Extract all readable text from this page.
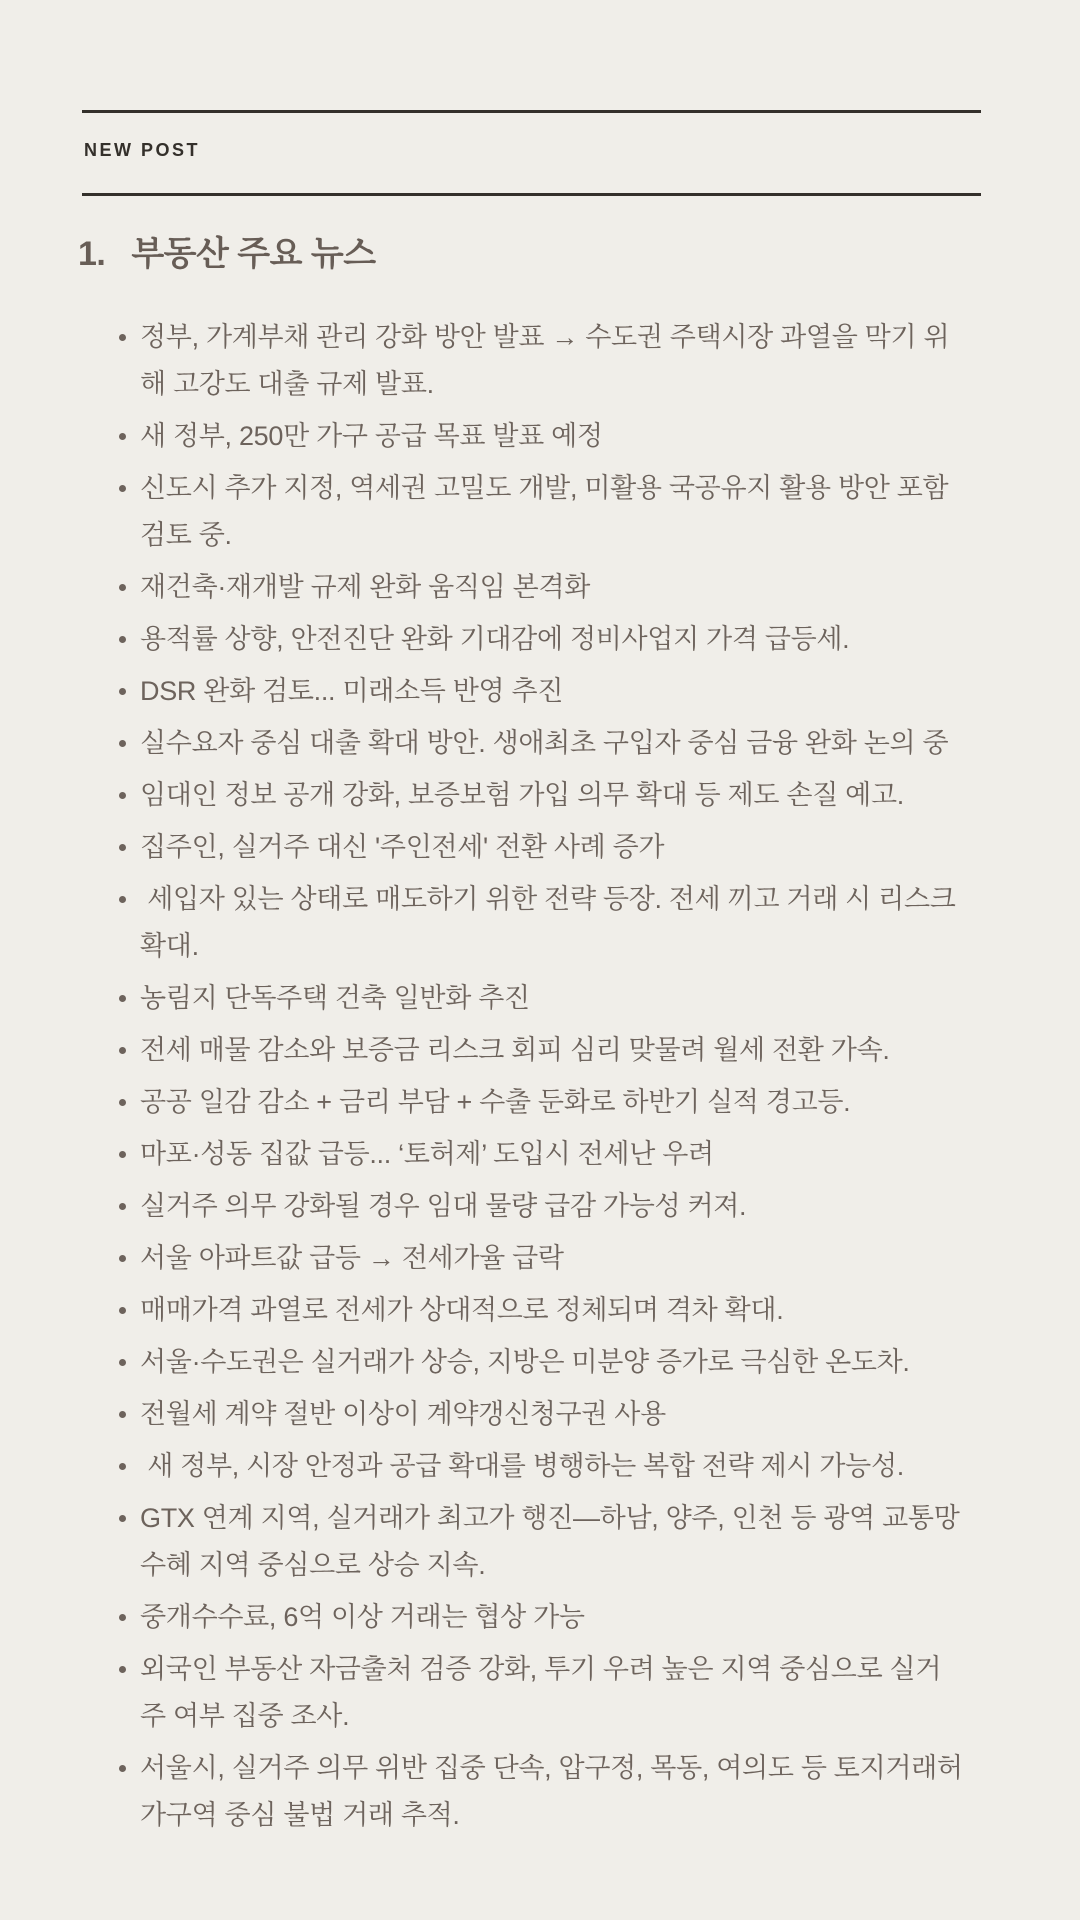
NEW POST
1. 부동산 주요 뉴스
정부, 가계부채 관리 강화 방안 발표 → 수도권 주택시장 과열을 막기 위해 고강도 대출 규제 발표.
새 정부, 250만 가구 공급 목표 발표 예정
신도시 추가 지정, 역세권 고밀도 개발, 미활용 국공유지 활용 방안 포함 검토 중.
재건축·재개발 규제 완화 움직임 본격화
용적률 상향, 안전진단 완화 기대감에 정비사업지 가격 급등세.
DSR 완화 검토... 미래소득 반영 추진
실수요자 중심 대출 확대 방안. 생애최초 구입자 중심 금융 완화 논의 중
임대인 정보 공개 강화, 보증보험 가입 의무 확대 등 제도 손질 예고.
집주인, 실거주 대신 '주인전세' 전환 사례 증가
세입자 있는 상태로 매도하기 위한 전략 등장. 전세 끼고 거래 시 리스크 확대.
농림지 단독주택 건축 일반화 추진
전세 매물 감소와 보증금 리스크 회피 심리 맞물려 월세 전환 가속.
공공 일감 감소 + 금리 부담 + 수출 둔화로 하반기 실적 경고등.
마포·성동 집값 급등... ‘토허제’ 도입시 전세난 우려
실거주 의무 강화될 경우 임대 물량 급감 가능성 커져.
서울 아파트값 급등 → 전세가율 급락
매매가격 과열로 전세가 상대적으로 정체되며 격차 확대.
서울·수도권은 실거래가 상승, 지방은 미분양 증가로 극심한 온도차.
전월세 계약 절반 이상이 계약갱신청구권 사용
새 정부, 시장 안정과 공급 확대를 병행하는 복합 전략 제시 가능성.
GTX 연계 지역, 실거래가 최고가 행진—하남, 양주, 인천 등 광역 교통망 수혜 지역 중심으로 상승 지속.
중개수수료, 6억 이상 거래는 협상 가능
외국인 부동산 자금출처 검증 강화, 투기 우려 높은 지역 중심으로 실거주 여부 집중 조사.
서울시, 실거주 의무 위반 집중 단속, 압구정, 목동, 여의도 등 토지거래허가구역 중심 불법 거래 추적.
